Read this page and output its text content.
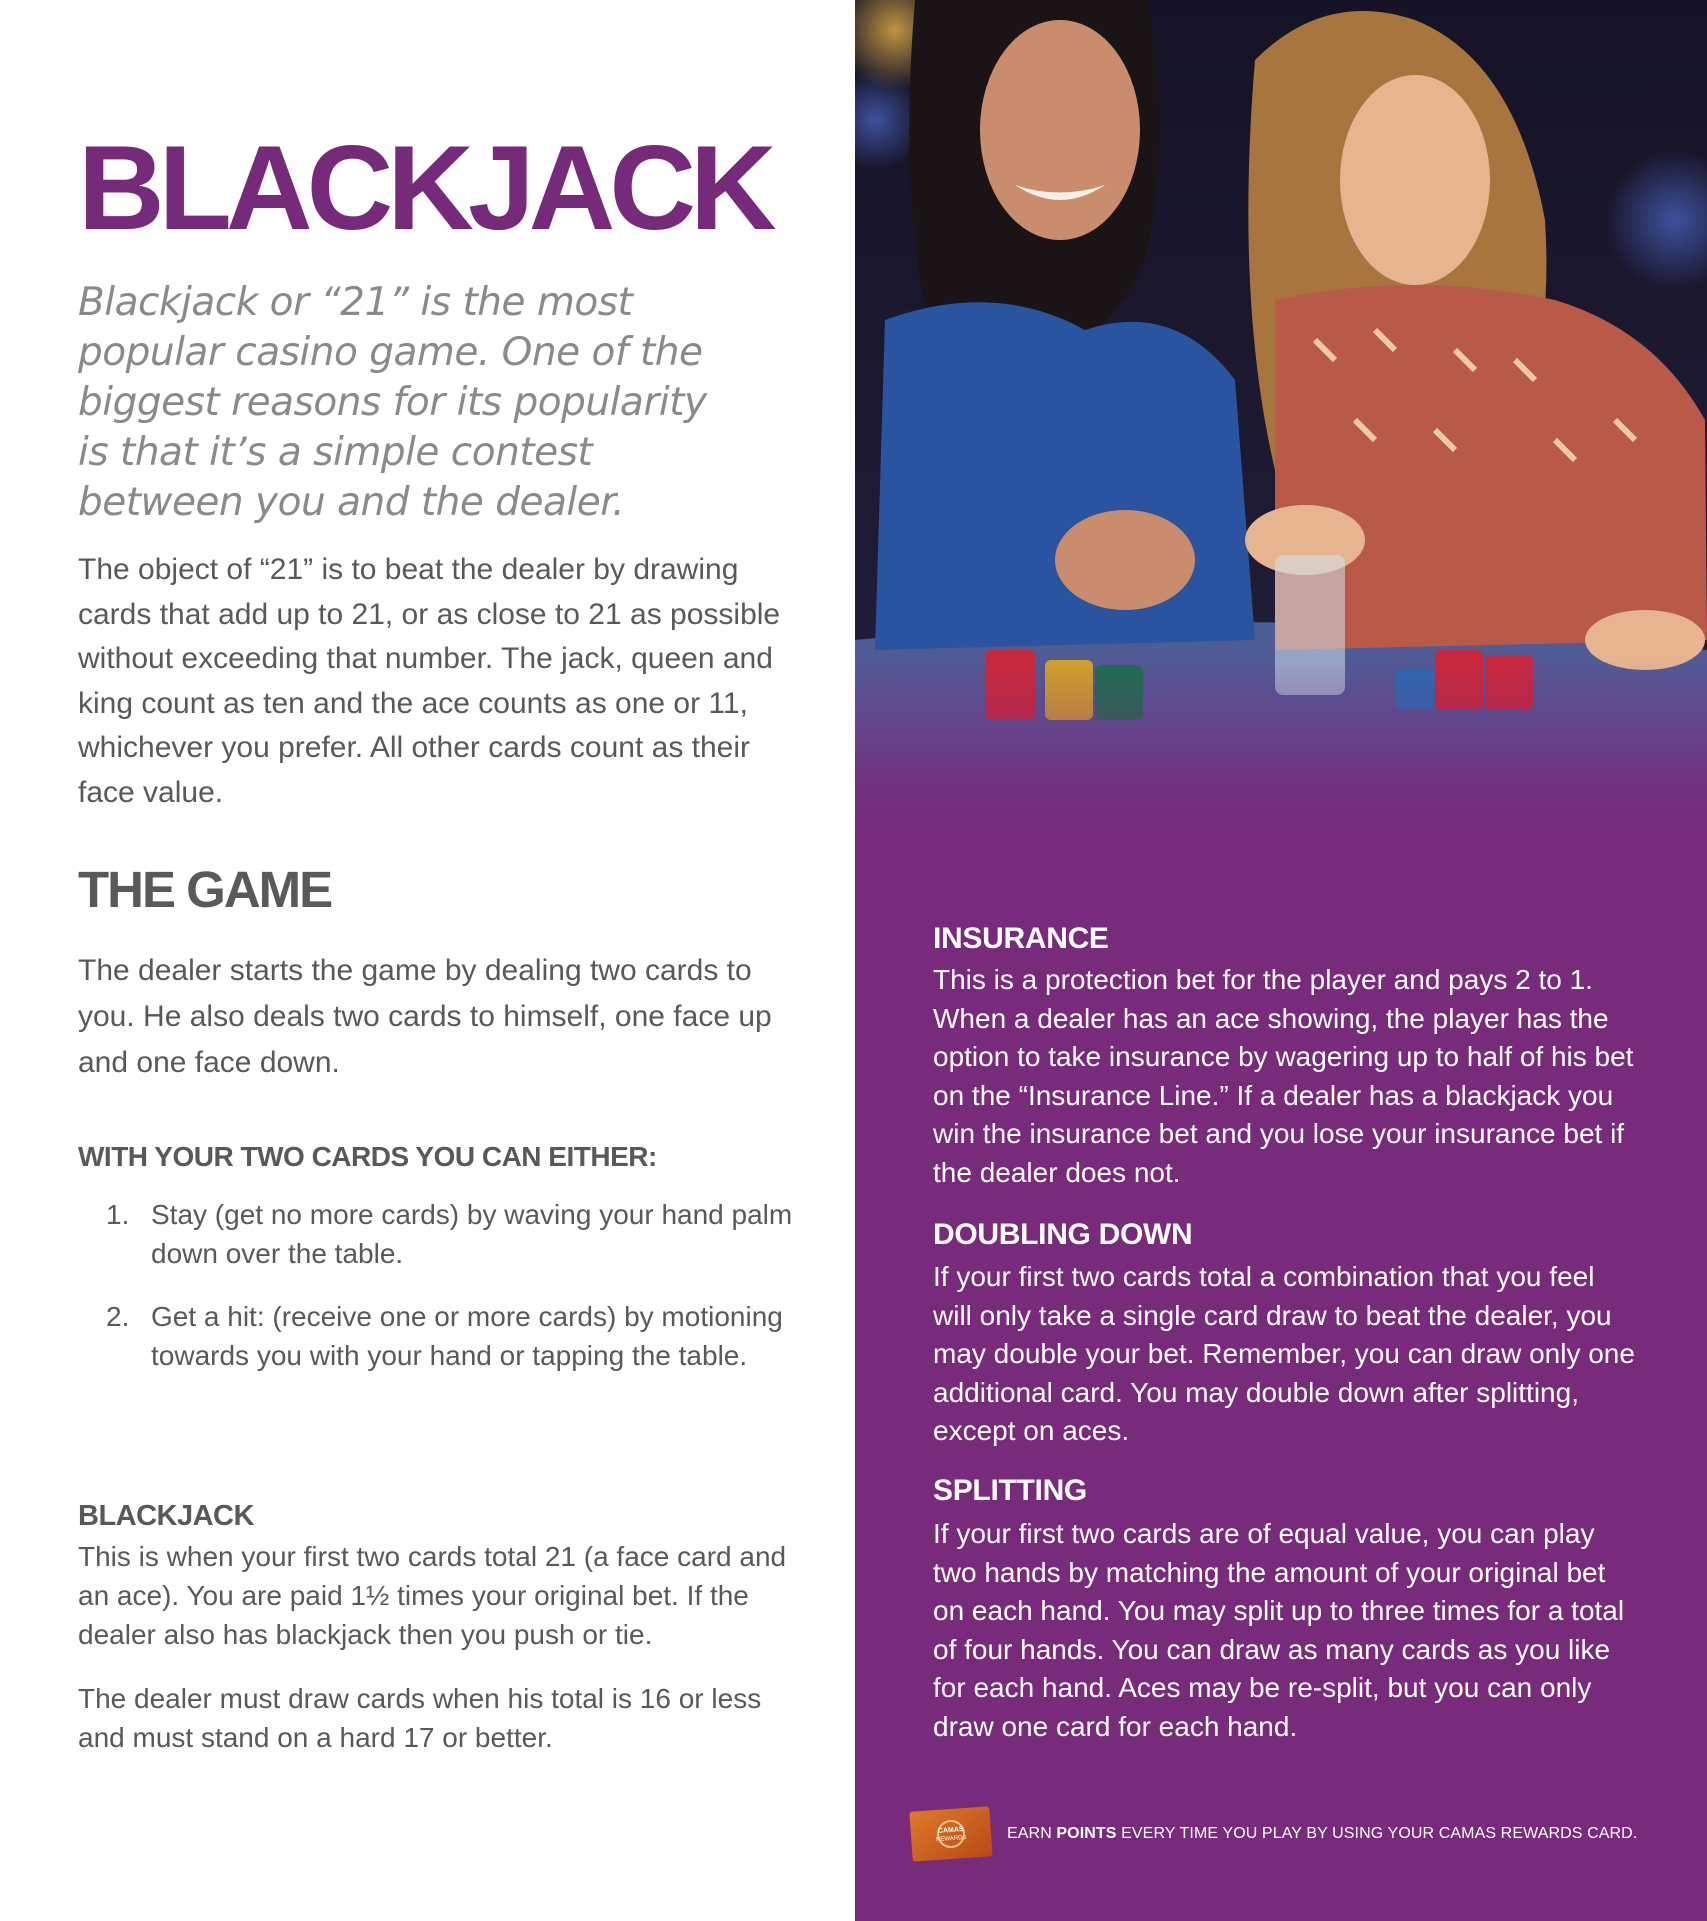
BLACKJACK

Blackjack or “21” is the most popular casino game. One of the biggest reasons for its popularity is that it’s a simple contest between you and the dealer.

The object of “21” is to beat the dealer by drawing cards that add up to 21, or as close to 21 as possible without exceeding that number. The jack, queen and king count as ten and the ace counts as one or 11, whichever you prefer. All other cards count as their face value.

THE GAME

The dealer starts the game by dealing two cards to you. He also deals two cards to himself, one face up and one face down.

WITH YOUR TWO CARDS YOU CAN EITHER:
1. Stay (get no more cards) by waving your hand palm down over the table.
2. Get a hit: (receive one or more cards) by motioning towards you with your hand or tapping the table.
BLACKJACK

This is when your first two cards total 21 (a face card and an ace). You are paid 1½ times your original bet. If the dealer also has blackjack then you push or tie.

The dealer must draw cards when his total is 16 or less and must stand on a hard 17 or better.

INSURANCE

This is a protection bet for the player and pays 2 to 1. When a dealer has an ace showing, the player has the option to take insurance by wagering up to half of his bet on the “Insurance Line.” If a dealer has a blackjack you win the insurance bet and you lose your insurance bet if the dealer does not.

DOUBLING DOWN

If your first two cards total a combination that you feel will only take a single card draw to beat the dealer, you may double your bet. Remember, you can draw only one additional card. You may double down after splitting, except on aces.

SPLITTING

If your first two cards are of equal value, you can play two hands by matching the amount of your original bet on each hand. You may split up to three times for a total of four hands. You can draw as many cards as you like for each hand. Aces may be re-split, but you can only draw one card for each hand.

CAMAS
REWARDS	EARN POINTS EVERY TIME YOU PLAY BY USING YOUR CAMAS REWARDS CARD.
